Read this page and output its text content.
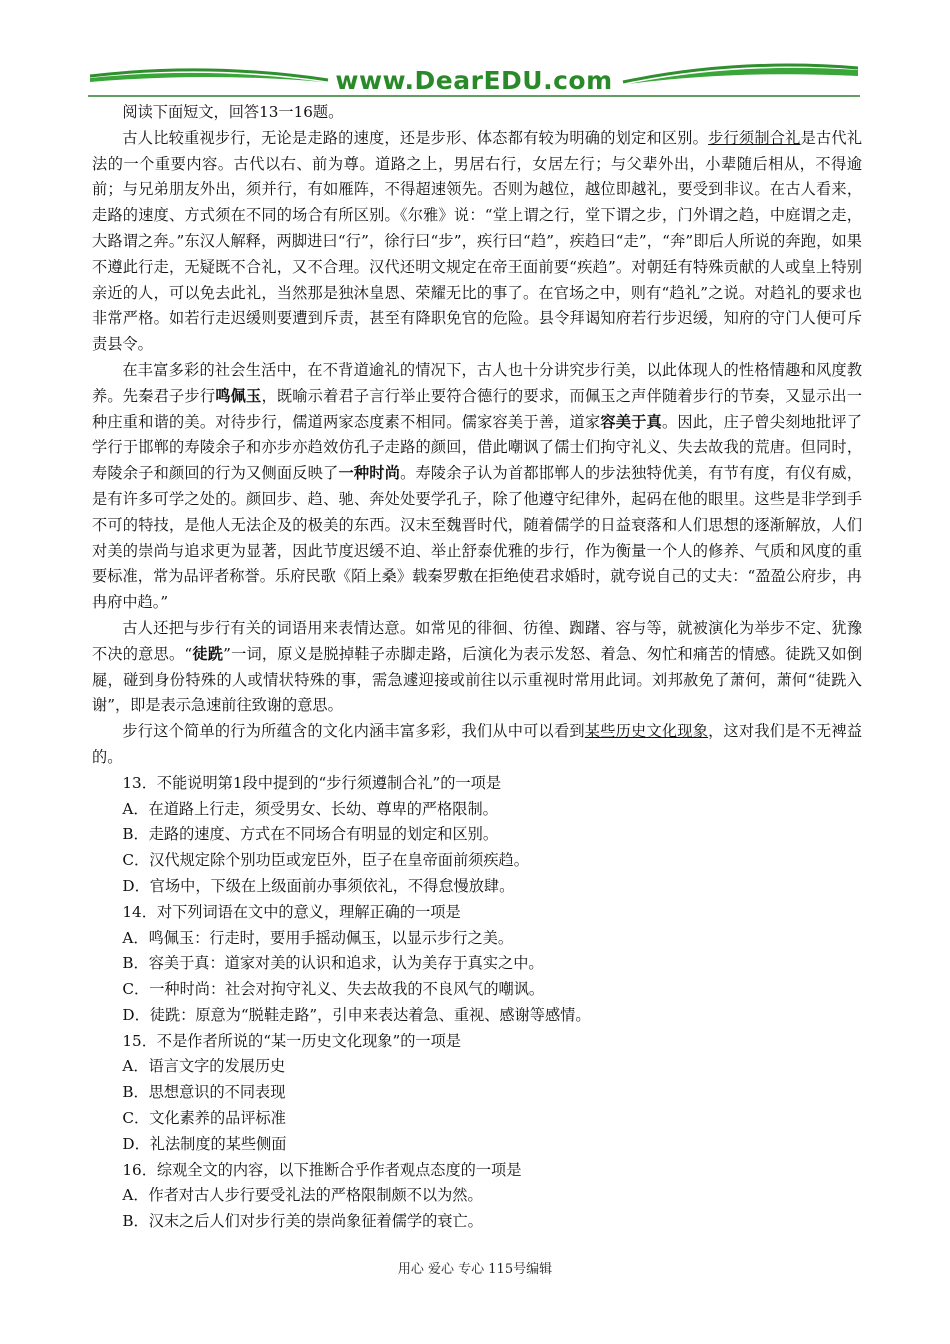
www.DearEDU.com

阅读下面短文，回答13一16题。

古人比较重视步行，无论是走路的速度，还是步形、体态都有较为明确的划定和区别。步行须制合礼是古代礼法的一个重要内容。古代以右、前为尊。道路之上，男居右行，女居左行；与父辈外出，小辈随后相从，不得逾前；与兄弟朋友外出，须并行，有如雁阵，不得超速领先。否则为越位，越位即越礼，要受到非议。在古人看来，走路的速度、方式须在不同的场合有所区别。《尔雅》说：“堂上谓之行，堂下谓之步，门外谓之趋，中庭谓之走，大路谓之奔。”东汉人解释，两脚进曰“行”，徐行曰“步”，疾行曰“趋”，疾趋曰“走”，“奔”即后人所说的奔跑，如果不遵此行走，无疑既不合礼，又不合理。汉代还明文规定在帝王面前要“疾趋”。对朝廷有特殊贡献的人或皇上特别亲近的人，可以免去此礼，当然那是独沐皇恩、荣耀无比的事了。在官场之中，则有“趋礼”之说。对趋礼的要求也非常严格。如若行走迟缓则要遭到斥责，甚至有降职免官的危险。县令拜谒知府若行步迟缓，知府的守门人便可斥责县令。

在丰富多彩的社会生活中，在不背道逾礼的情况下，古人也十分讲究步行美，以此体现人的性格情趣和风度教养。先秦君子步行鸣佩玉，既喻示着君子言行举止要符合德行的要求，而佩玉之声伴随着步行的节奏，又显示出一种庄重和谐的美。对待步行，儒道两家态度素不相同。儒家容美于善，道家容美于真。因此，庄子曾尖刻地批评了学行于邯郸的寿陵余子和亦步亦趋效仿孔子走路的颜回，借此嘲讽了儒士们拘守礼义、失去故我的荒唐。但同时，寿陵余子和颜回的行为又侧面反映了一种时尚。寿陵余子认为首都邯郸人的步法独特优美，有节有度，有仪有威，是有许多可学之处的。颜回步、趋、驰、奔处处要学孔子，除了他遵守纪律外，起码在他的眼里。这些是非学到手不可的特技，是他人无法企及的极美的东西。汉末至魏晋时代，随着儒学的日益衰落和人们思想的逐渐解放，人们对美的崇尚与追求更为显著，因此节度迟缓不迫、举止舒泰优雅的步行，作为衡量一个人的修养、气质和风度的重要标准，常为品评者称誉。乐府民歌《陌上桑》载秦罗敷在拒绝使君求婚时，就夸说自己的丈夫：“盈盈公府步，冉冉府中趋。”

古人还把与步行有关的词语用来表情达意。如常见的徘徊、彷徨、踟躇、容与等，就被演化为举步不定、犹豫不决的意思。“徒跣”一词，原义是脱掉鞋子赤脚走路，后演化为表示发怒、着急、匆忙和痛苦的情感。徒跣又如倒屣，碰到身份特殊的人或情状特殊的事，需急遽迎接或前往以示重视时常用此词。刘邦赦免了萧何，萧何“徒跣入谢”，即是表示急速前往致谢的意思。

步行这个简单的行为所蕴含的文化内涵丰富多彩，我们从中可以看到某些历史文化现象，这对我们是不无裨益的。

13．不能说明第1段中提到的“步行须遵制合礼”的一项是

A．在道路上行走，须受男女、长幼、尊卑的严格限制。

B．走路的速度、方式在不同场合有明显的划定和区别。

C．汉代规定除个别功臣或宠臣外，臣子在皇帝面前须疾趋。

D．官场中，下级在上级面前办事须依礼，不得怠慢放肆。

14．对下列词语在文中的意义，理解正确的一项是

A．鸣佩玉：行走时，要用手摇动佩玉，以显示步行之美。

B．容美于真：道家对美的认识和追求，认为美存于真实之中。

C．一种时尚：社会对拘守礼义、失去故我的不良风气的嘲讽。

D．徒跣：原意为“脱鞋走路”，引申来表达着急、重视、感谢等感情。

15．不是作者所说的“某一历史文化现象”的一项是

A．语言文字的发展历史

B．思想意识的不同表现

C．文化素养的品评标准

D．礼法制度的某些侧面

16．综观全文的内容，以下推断合乎作者观点态度的一项是

A．作者对古人步行要受礼法的严格限制颇不以为然。

B．汉末之后人们对步行美的崇尚象征着儒学的衰亡。

用心 爱心 专心 115号编辑
